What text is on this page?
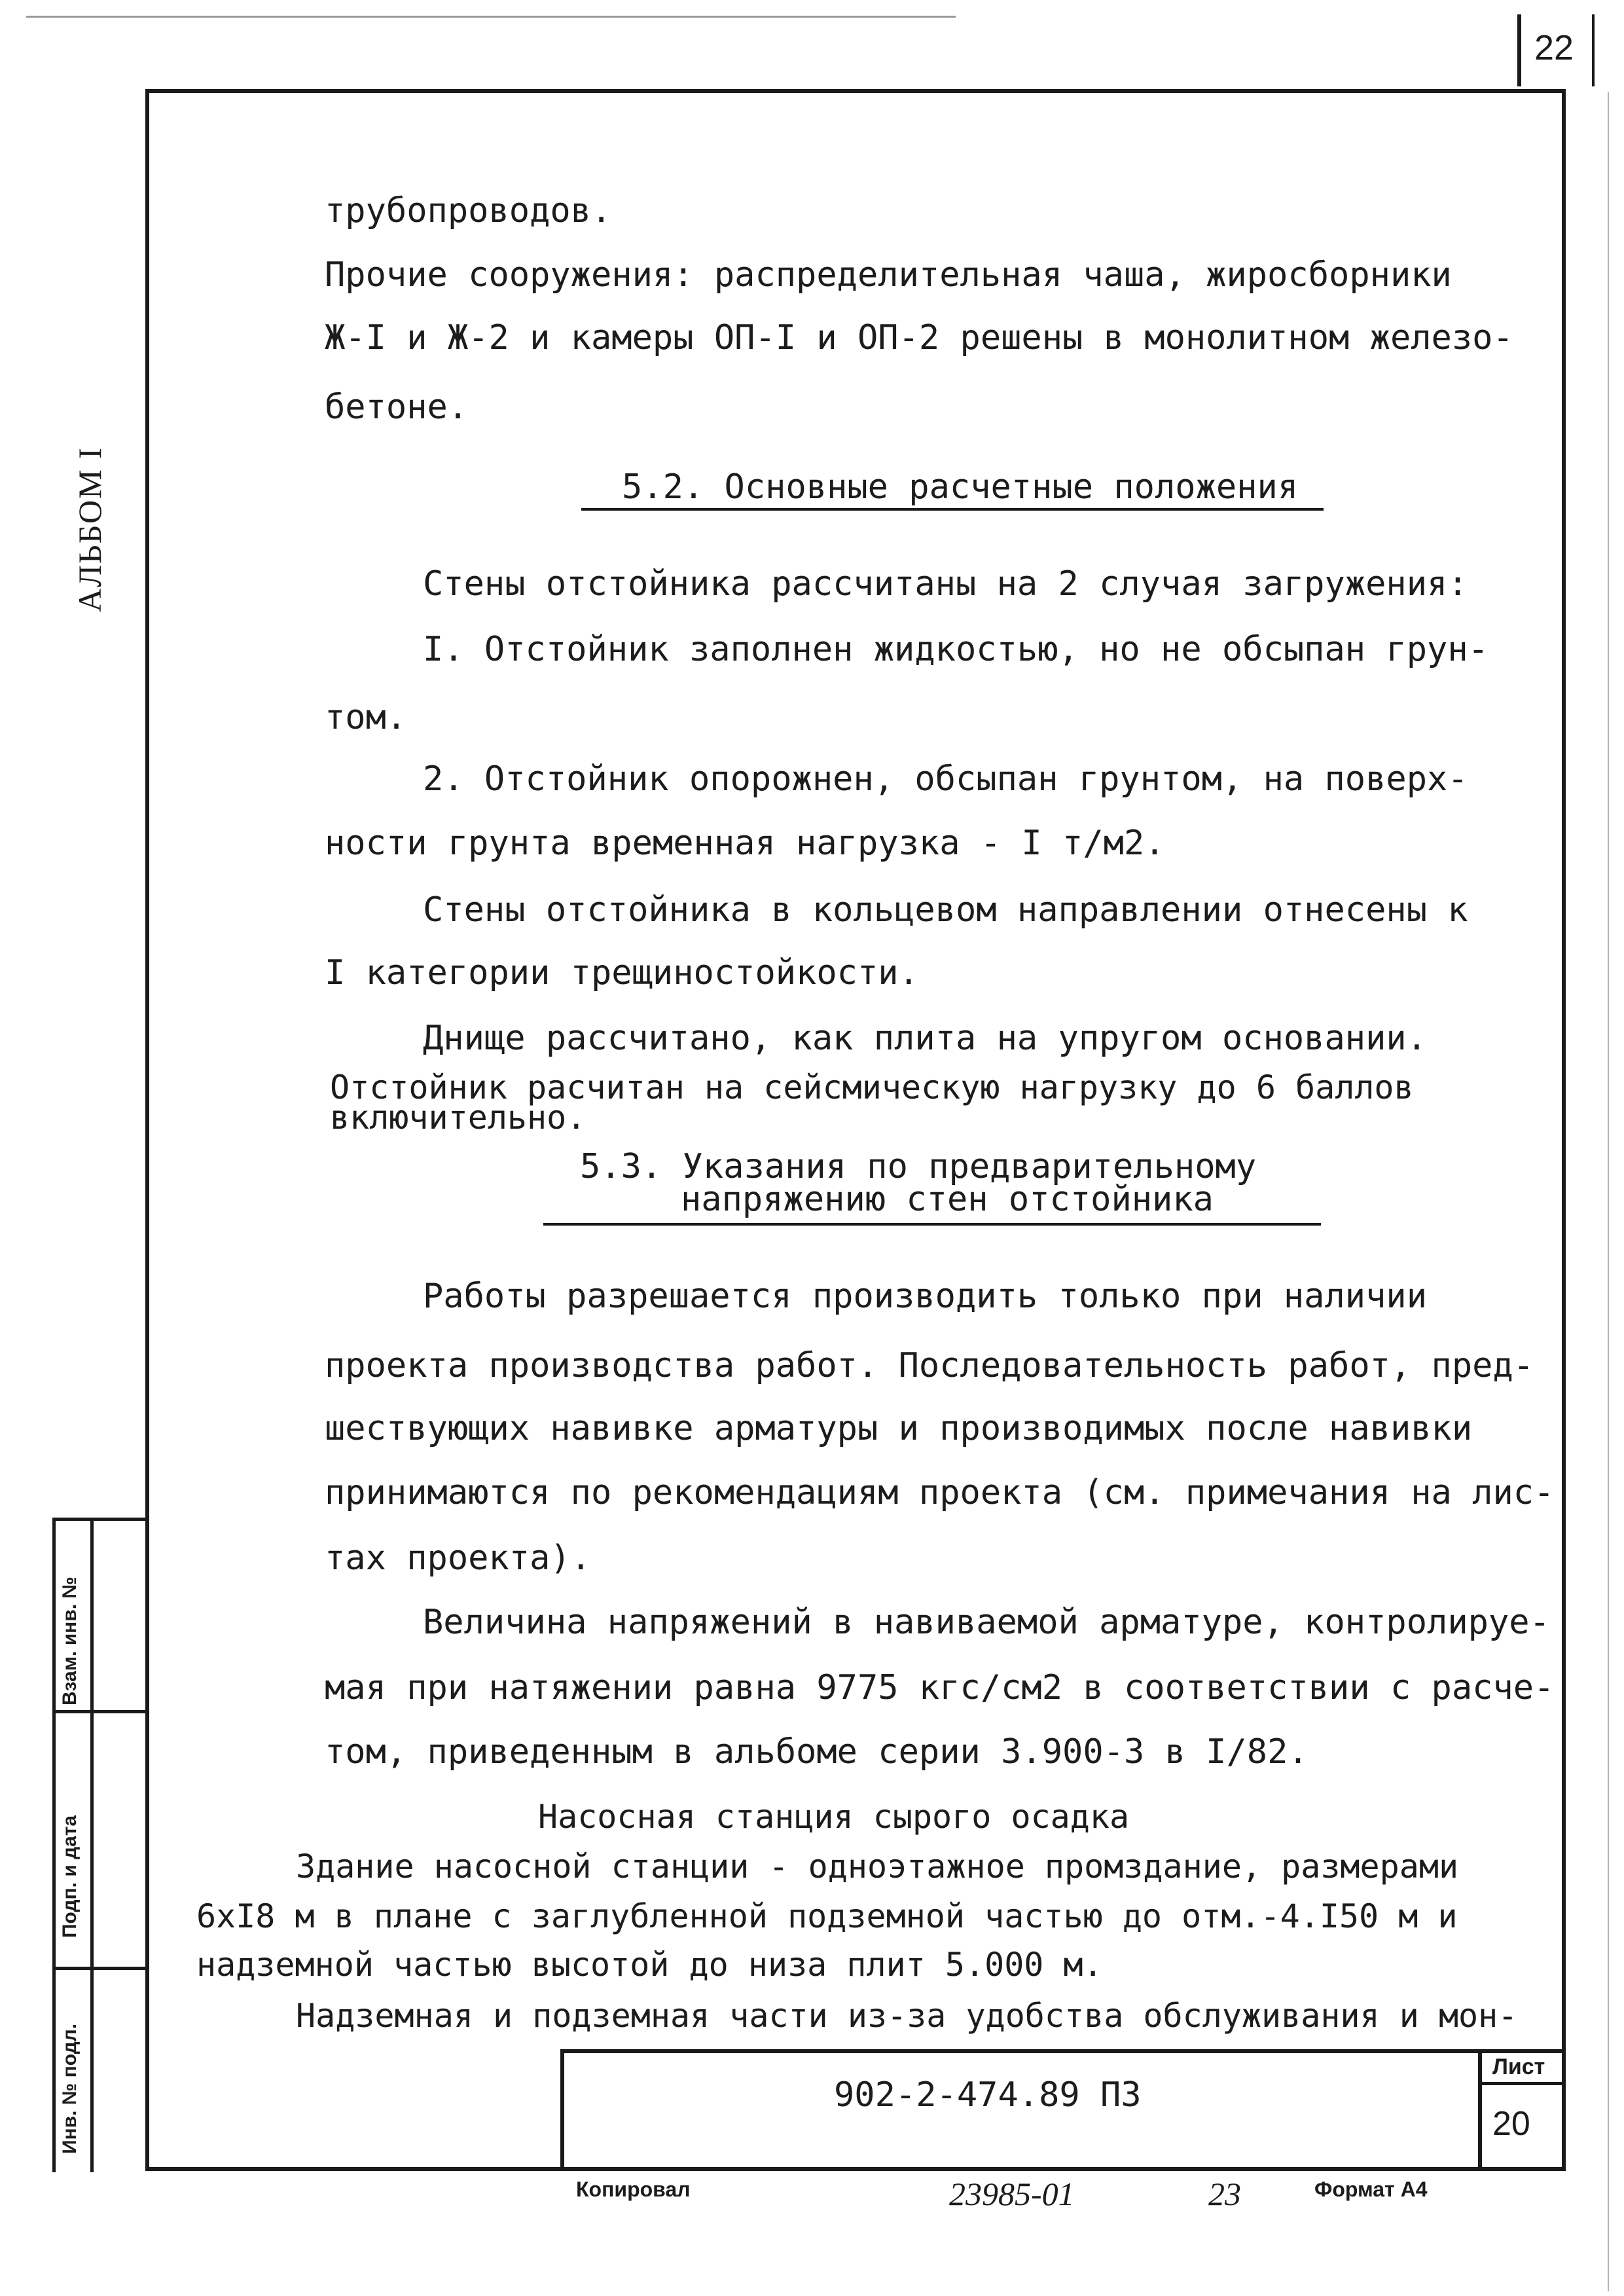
22
АЛЬБОМ I
Взам. инв. №
Подп. и дата
Инв. № подл.
трубопроводов.
Прочие сооружения: распределительная чаша, жиросборники
Ж-I и Ж-2 и камеры ОП-I и ОП-2 решены в монолитном железо-
бетоне.
5.2. Основные расчетные положения
Стены отстойника рассчитаны на 2 случая загружения:
I. Отстойник заполнен жидкостью, но не обсыпан грун-
том.
2. Отстойник опорожнен, обсыпан грунтом, на поверх-
ности грунта временная нагрузка - I т/м2.
Стены отстойника в кольцевом направлении отнесены к
I категории трещиностойкости.
Днище рассчитано, как плита на упругом основании.
Отстойник расчитан на сейсмическую нагрузку до 6 баллов
включительно.
5.3. Указания по предварительному
напряжению стен отстойника
Работы разрешается производить только при наличии
проекта производства работ. Последовательность работ, пред-
шествующих навивке арматуры и производимых после навивки
принимаются по рекомендациям проекта (см. примечания на лис-
тах проекта).
Величина напряжений в навиваемой арматуре, контролируе-
мая при натяжении равна 9775 кгс/см2 в соответствии с расче-
том, приведенным в альбоме серии 3.900-3 в I/82.
Насосная станция сырого осадка
Здание насосной станции - одноэтажное промздание, размерами
6xI8 м в плане с заглубленной подземной частью до отм.-4.I50 м и
надземной частью высотой до низа плит 5.000 м.
Надземная и подземная части из-за удобства обслуживания и мон-
902-2-474.89 ПЗ
Лист
20
Копировал	23985-01	23	Формат А4
